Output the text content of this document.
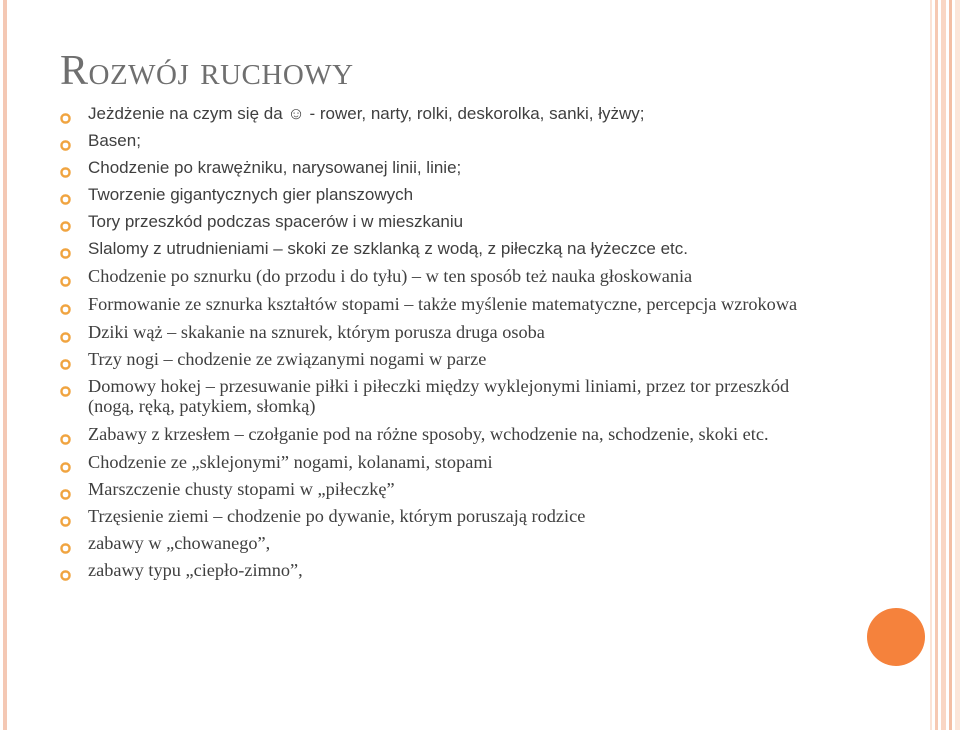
Rozwój ruchowy
Jeżdżenie na czym się da ☺ - rower, narty, rolki, deskorolka, sanki, łyżwy;
Basen;
Chodzenie po krawężniku, narysowanej linii, linie;
Tworzenie gigantycznych gier planszowych
Tory przeszkód podczas spacerów i w mieszkaniu
Slalomy z utrudnieniami – skoki ze szklanką z wodą, z piłeczką na łyżeczce etc.
Chodzenie po sznurku (do przodu i do tyłu) – w ten sposób też nauka głoskowania
Formowanie ze sznurka kształtów stopami – także myślenie matematyczne, percepcja wzrokowa
Dziki wąż – skakanie na sznurek, którym porusza druga osoba
Trzy nogi – chodzenie ze związanymi nogami w parze
Domowy hokej – przesuwanie piłki i piłeczki między wyklejonymi liniami, przez tor przeszkód (nogą, ręką, patykiem, słomką)
Zabawy z krzesłem – czołganie pod na różne sposoby, wchodzenie na, schodzenie, skoki etc.
Chodzenie ze „sklejonymi” nogami, kolanami, stopami
Marszczenie chusty stopami w „piłeczkę”
Trzęsienie ziemi – chodzenie po dywanie, którym poruszają rodzice
zabawy w „chowanego”,
zabawy typu „ciepło-zimno”,
